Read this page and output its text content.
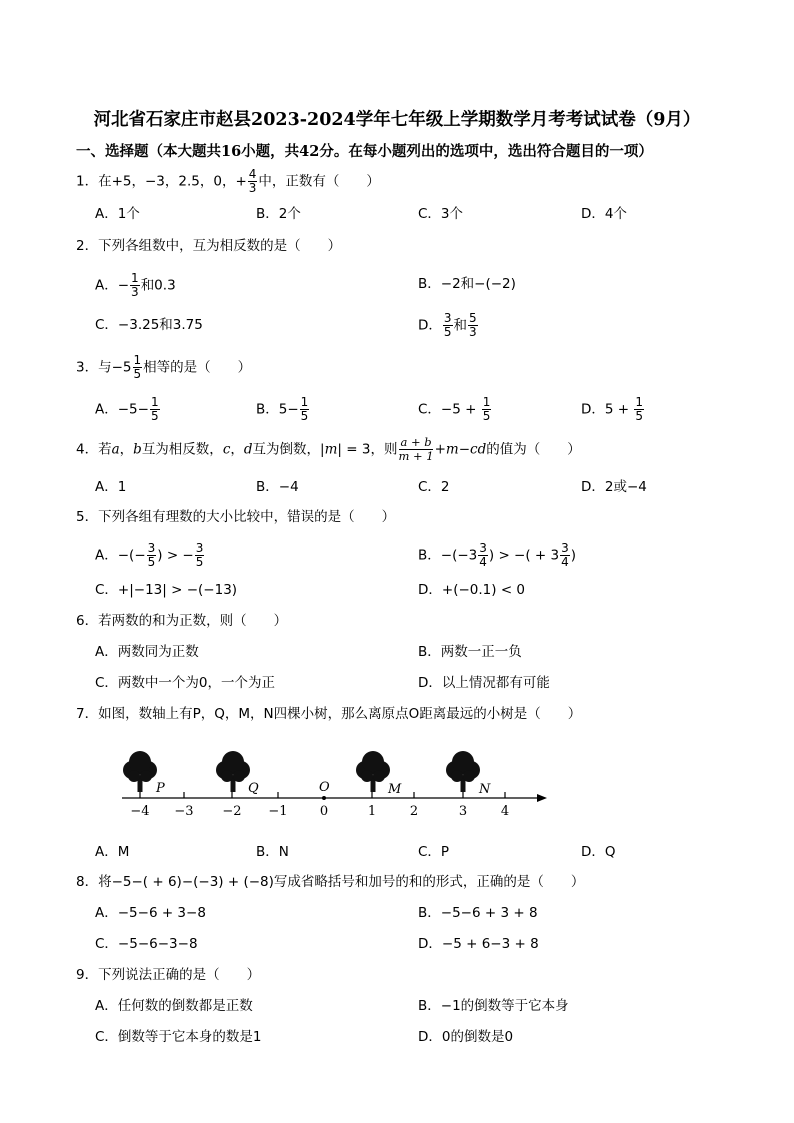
河北省石家庄市赵县2023-2024学年七年级上学期数学月考考试试卷（9月）
一、选择题（本大题共16小题，共42分。在每小题列出的选项中，选出符合题目的一项）
1．在+5，−3，2.5，0，+ $\frac{4}{3}$ 中，正数有（　　）
A．1个	B．2个	C．3个	D．4个
2．下列各组数中，互为相反数的是（　　）
A．− $\frac{1}{3}$ 和0.3	B．−2和−(−2)
C．−3.25和3.75	D． $\frac{3}{5}$ 和 $\frac{5}{3}$
3．与$-5 \frac{1}{5}$ 相等的是（　　）
A．$-5- \frac{1}{5}$	B．$5- \frac{1}{5}$	C．$-5 + \frac{1}{5}$	D．$5 + \frac{1}{5}$
4．若a，b互为相反数，c，d互为倒数，|m| = 3，则 $\frac{a + b}{m + 1} +m-cd$的值为（　　）
A．1	B．−4	C．2	D．2或−4
5．下列各组有理数的大小比较中，错误的是（　　）
A．−(− $\frac{3}{5}$ ) > − $\frac{3}{5}$	B．$-(-3 \frac{3}{4}$ ) > −( + $3 \frac{3}{4}$ )
C．+|−13| > −(−13)	D．+(−0.1) < 0
6．若两数的和为正数，则（　　）
A．两数同为正数	B．两数一正一负
C．两数中一个为0，一个为正	D．以上情况都有可能
7．如图，数轴上有P，Q，M，N四棵小树，那么离原点O距离最远的小树是（　　）
−4 −3 −2 −1 0	1	2	3	4
P	Q	O	M	N
A．M	B．N	C．P	D．Q
8．将−5−( + 6)−(−3) + (−8)写成省略括号和加号的和的形式，正确的是（　　）
A．−5−6 + 3−8	B．−5−6 + 3 + 8
C．−5−6−3−8	D．−5 + 6−3 + 8
9．下列说法正确的是（　　）
A．任何数的倒数都是正数	B．−1的倒数等于它本身
C．倒数等于它本身的数是1	D．0的倒数是0
